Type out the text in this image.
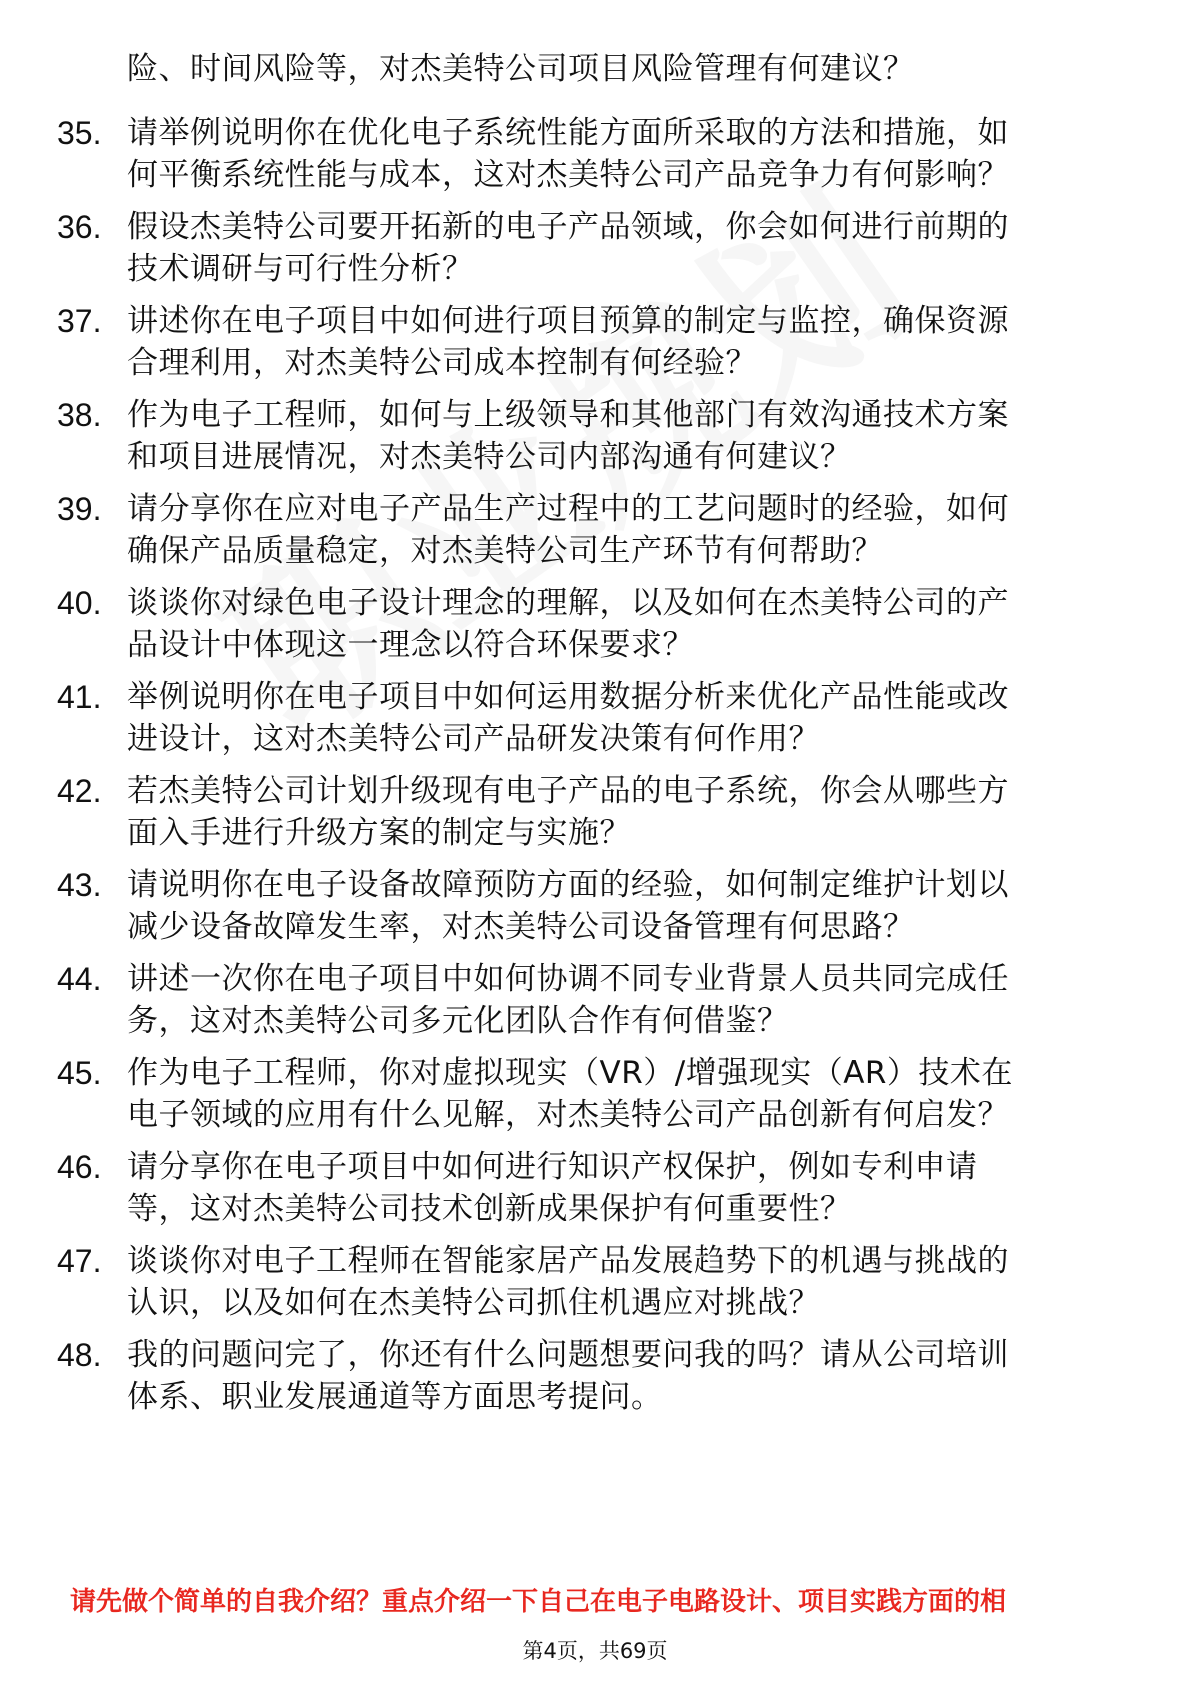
险、时间风险等，对杰美特公司项目风险管理有何建议？
35. 请举例说明你在优化电子系统性能方面所采取的方法和措施，如
何平衡系统性能与成本，这对杰美特公司产品竞争力有何影响？
36. 假设杰美特公司要开拓新的电子产品领域，你会如何进行前期的
技术调研与可行性分析？
37. 讲述你在电子项目中如何进行项目预算的制定与监控，确保资源
合理利用，对杰美特公司成本控制有何经验？
38. 作为电子工程师，如何与上级领导和其他部门有效沟通技术方案
和项目进展情况，对杰美特公司内部沟通有何建议？
39. 请分享你在应对电子产品生产过程中的工艺问题时的经验，如何
确保产品质量稳定，对杰美特公司生产环节有何帮助？
40. 谈谈你对绿色电子设计理念的理解，以及如何在杰美特公司的产
品设计中体现这一理念以符合环保要求？
41. 举例说明你在电子项目中如何运用数据分析来优化产品性能或改
进设计，这对杰美特公司产品研发决策有何作用？
42. 若杰美特公司计划升级现有电子产品的电子系统，你会从哪些方
面入手进行升级方案的制定与实施？
43. 请说明你在电子设备故障预防方面的经验，如何制定维护计划以
减少设备故障发生率，对杰美特公司设备管理有何思路？
44. 讲述一次你在电子项目中如何协调不同专业背景人员共同完成任
务，这对杰美特公司多元化团队合作有何借鉴？
45. 作为电子工程师，你对虚拟现实（VR）/增强现实（AR）技术在
电子领域的应用有什么见解，对杰美特公司产品创新有何启发？
46. 请分享你在电子项目中如何进行知识产权保护，例如专利申请
等，这对杰美特公司技术创新成果保护有何重要性？
47. 谈谈你对电子工程师在智能家居产品发展趋势下的机遇与挑战的
认识，以及如何在杰美特公司抓住机遇应对挑战？
48. 我的问题问完了，你还有什么问题想要问我的吗？请从公司培训
体系、职业发展通道等方面思考提问。
请先做个简单的自我介绍？重点介绍一下自己在电子电路设计、项目实践方面的相
第4页，共69页
